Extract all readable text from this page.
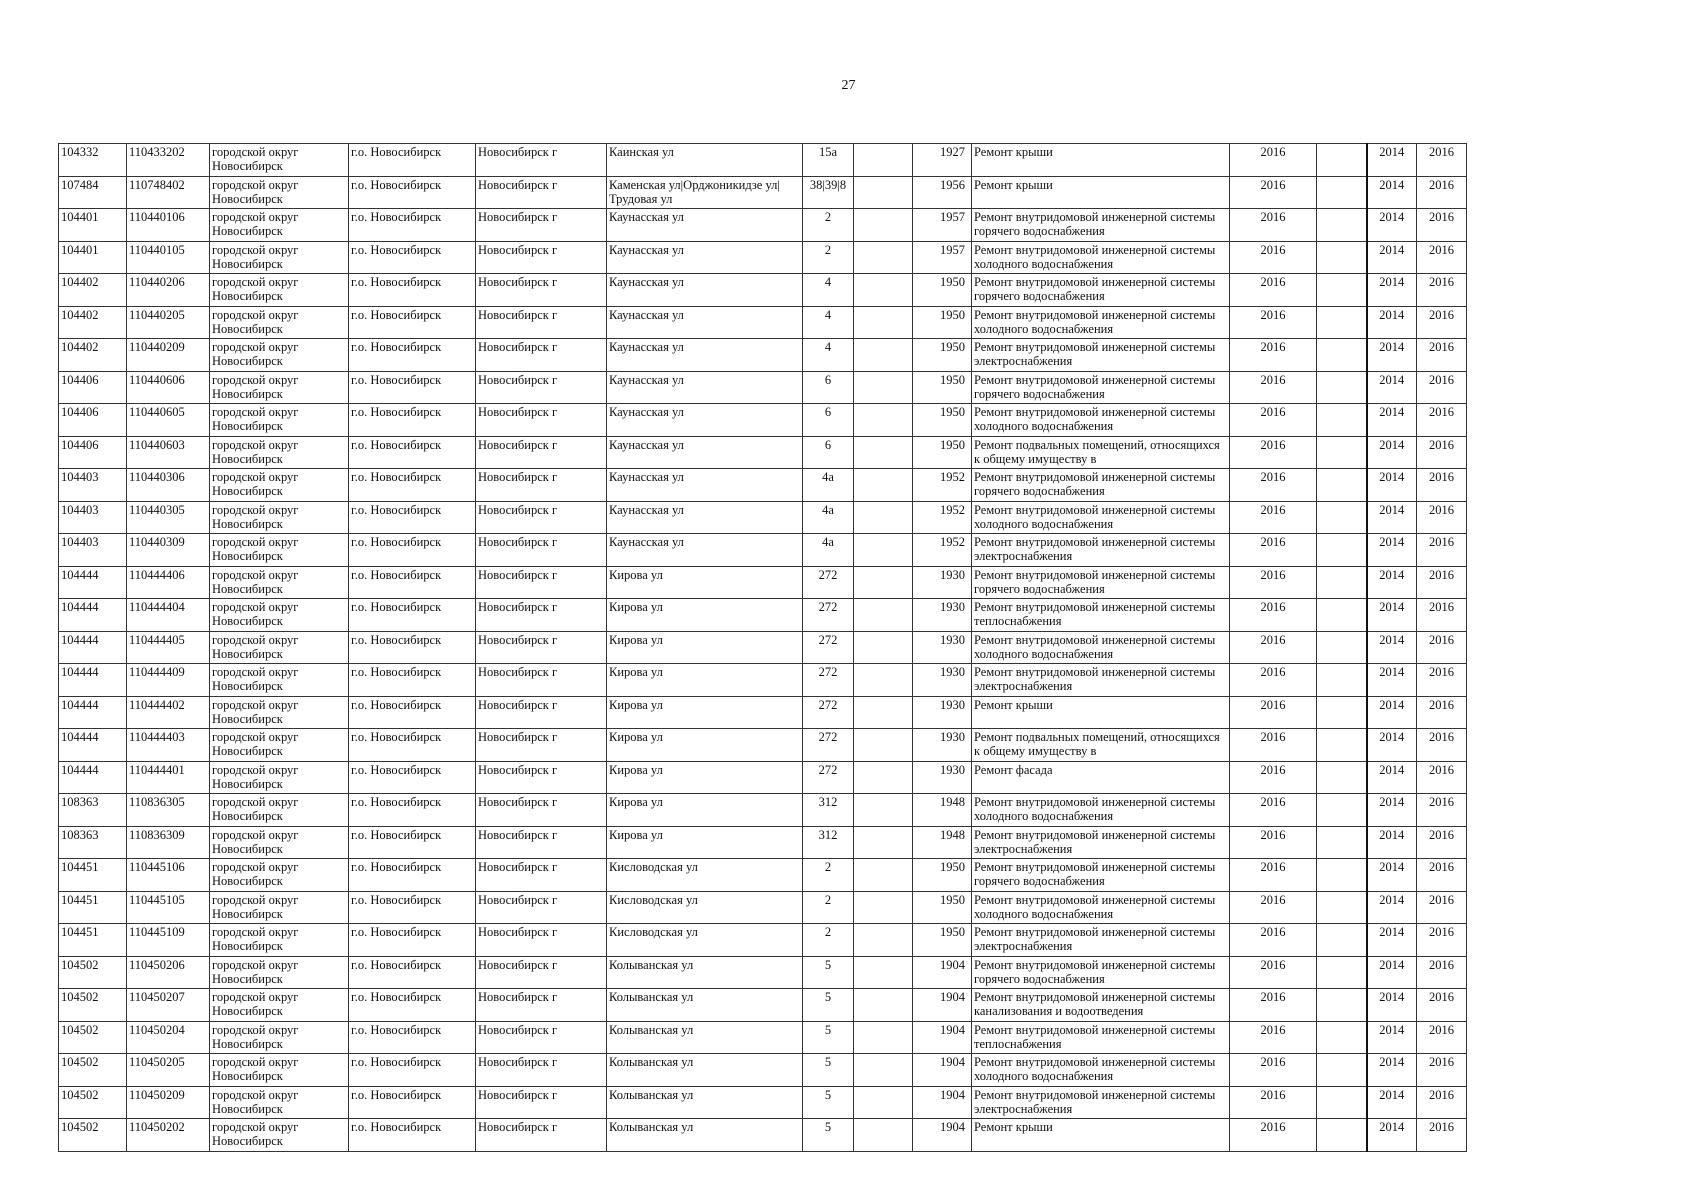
27
104332	110433202	городской округ Новосибирск	г.о. Новосибирск	Новосибирск г	Каинская ул	15а		1927	Ремонт крыши	2016		2014	2016

107484	110748402	городской округ Новосибирск	г.о. Новосибирск	Новосибирск г	Каменская ул|Орджоникидзе ул|Трудовая ул	38|39|8		1956	Ремонт крыши	2016		2014	2016

104401	110440106	городской округ Новосибирск	г.о. Новосибирск	Новосибирск г	Каунасская ул	2		1957	Ремонт внутридомовой инженерной системы горячего водоснабжения	2016		2014	2016

104401	110440105	городской округ Новосибирск	г.о. Новосибирск	Новосибирск г	Каунасская ул	2		1957	Ремонт внутридомовой инженерной системы холодного водоснабжения	2016		2014	2016

104402	110440206	городской округ Новосибирск	г.о. Новосибирск	Новосибирск г	Каунасская ул	4		1950	Ремонт внутридомовой инженерной системы горячего водоснабжения	2016		2014	2016

104402	110440205	городской округ Новосибирск	г.о. Новосибирск	Новосибирск г	Каунасская ул	4		1950	Ремонт внутридомовой инженерной системы холодного водоснабжения	2016		2014	2016

104402	110440209	городской округ Новосибирск	г.о. Новосибирск	Новосибирск г	Каунасская ул	4		1950	Ремонт внутридомовой инженерной системы электроснабжения	2016		2014	2016

104406	110440606	городской округ Новосибирск	г.о. Новосибирск	Новосибирск г	Каунасская ул	6		1950	Ремонт внутридомовой инженерной системы горячего водоснабжения	2016		2014	2016

104406	110440605	городской округ Новосибирск	г.о. Новосибирск	Новосибирск г	Каунасская ул	6		1950	Ремонт внутридомовой инженерной системы холодного водоснабжения	2016		2014	2016

104406	110440603	городской округ Новосибирск	г.о. Новосибирск	Новосибирск г	Каунасская ул	6		1950	Ремонт подвальных помещений, относящихся к общему имуществу в	2016		2014	2016

104403	110440306	городской округ Новосибирск	г.о. Новосибирск	Новосибирск г	Каунасская ул	4а		1952	Ремонт внутридомовой инженерной системы горячего водоснабжения	2016		2014	2016

104403	110440305	городской округ Новосибирск	г.о. Новосибирск	Новосибирск г	Каунасская ул	4а		1952	Ремонт внутридомовой инженерной системы холодного водоснабжения	2016		2014	2016

104403	110440309	городской округ Новосибирск	г.о. Новосибирск	Новосибирск г	Каунасская ул	4а		1952	Ремонт внутридомовой инженерной системы электроснабжения	2016		2014	2016

104444	110444406	городской округ Новосибирск	г.о. Новосибирск	Новосибирск г	Кирова ул	272		1930	Ремонт внутридомовой инженерной системы горячего водоснабжения	2016		2014	2016

104444	110444404	городской округ Новосибирск	г.о. Новосибирск	Новосибирск г	Кирова ул	272		1930	Ремонт внутридомовой инженерной системы теплоснабжения	2016		2014	2016

104444	110444405	городской округ Новосибирск	г.о. Новосибирск	Новосибирск г	Кирова ул	272		1930	Ремонт внутридомовой инженерной системы холодного водоснабжения	2016		2014	2016

104444	110444409	городской округ Новосибирск	г.о. Новосибирск	Новосибирск г	Кирова ул	272		1930	Ремонт внутридомовой инженерной системы электроснабжения	2016		2014	2016

104444	110444402	городской округ Новосибирск	г.о. Новосибирск	Новосибирск г	Кирова ул	272		1930	Ремонт крыши	2016		2014	2016

104444	110444403	городской округ Новосибирск	г.о. Новосибирск	Новосибирск г	Кирова ул	272		1930	Ремонт подвальных помещений, относящихся к общему имуществу в	2016		2014	2016

104444	110444401	городской округ Новосибирск	г.о. Новосибирск	Новосибирск г	Кирова ул	272		1930	Ремонт фасада	2016		2014	2016

108363	110836305	городской округ Новосибирск	г.о. Новосибирск	Новосибирск г	Кирова ул	312		1948	Ремонт внутридомовой инженерной системы холодного водоснабжения	2016		2014	2016

108363	110836309	городской округ Новосибирск	г.о. Новосибирск	Новосибирск г	Кирова ул	312		1948	Ремонт внутридомовой инженерной системы электроснабжения	2016		2014	2016

104451	110445106	городской округ Новосибирск	г.о. Новосибирск	Новосибирск г	Кисловодская ул	2		1950	Ремонт внутридомовой инженерной системы горячего водоснабжения	2016		2014	2016

104451	110445105	городской округ Новосибирск	г.о. Новосибирск	Новосибирск г	Кисловодская ул	2		1950	Ремонт внутридомовой инженерной системы холодного водоснабжения	2016		2014	2016

104451	110445109	городской округ Новосибирск	г.о. Новосибирск	Новосибирск г	Кисловодская ул	2		1950	Ремонт внутридомовой инженерной системы электроснабжения	2016		2014	2016

104502	110450206	городской округ Новосибирск	г.о. Новосибирск	Новосибирск г	Колыванская ул	5		1904	Ремонт внутридомовой инженерной системы горячего водоснабжения	2016		2014	2016

104502	110450207	городской округ Новосибирск	г.о. Новосибирск	Новосибирск г	Колыванская ул	5		1904	Ремонт внутридомовой инженерной системы канализования и водоотведения	2016		2014	2016

104502	110450204	городской округ Новосибирск	г.о. Новосибирск	Новосибирск г	Колыванская ул	5		1904	Ремонт внутридомовой инженерной системы теплоснабжения	2016		2014	2016

104502	110450205	городской округ Новосибирск	г.о. Новосибирск	Новосибирск г	Колыванская ул	5		1904	Ремонт внутридомовой инженерной системы холодного водоснабжения	2016		2014	2016

104502	110450209	городской округ Новосибирск	г.о. Новосибирск	Новосибирск г	Колыванская ул	5		1904	Ремонт внутридомовой инженерной системы электроснабжения	2016		2014	2016

104502	110450202	городской округ Новосибирск	г.о. Новосибирск	Новосибирск г	Колыванская ул	5		1904	Ремонт крыши	2016		2014	2016
